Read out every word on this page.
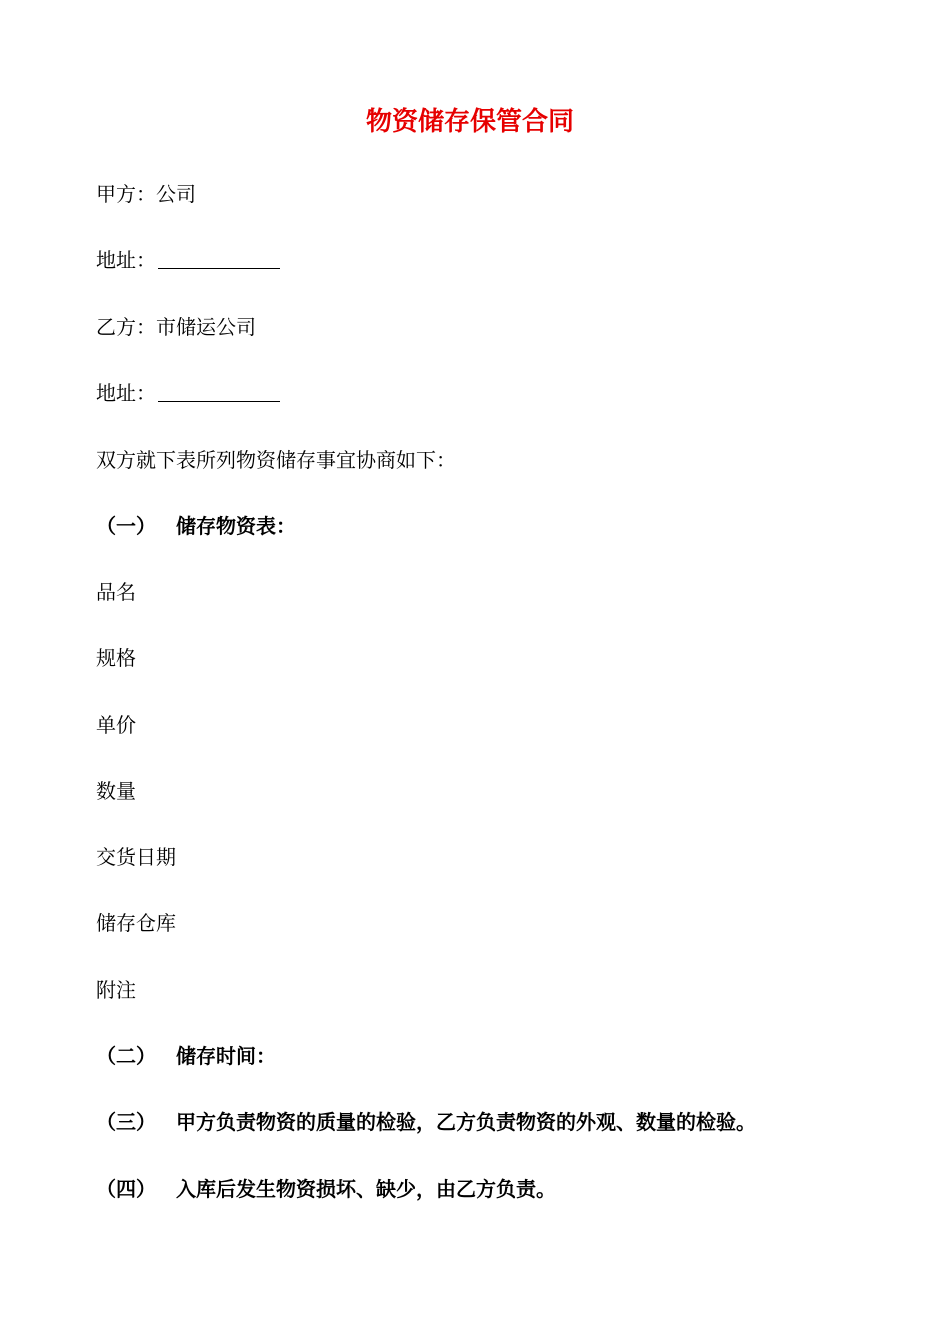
物资储存保管合同
甲方：公司
地址：
乙方：市储运公司
地址：
双方就下表所列物资储存事宜协商如下：
（一） 储存物资表：
品名
规格
单价
数量
交货日期
储存仓库
附注
（二） 储存时间：
（三） 甲方负责物资的质量的检验，乙方负责物资的外观、数量的检验。
（四） 入库后发生物资损坏、缺少，由乙方负责。
